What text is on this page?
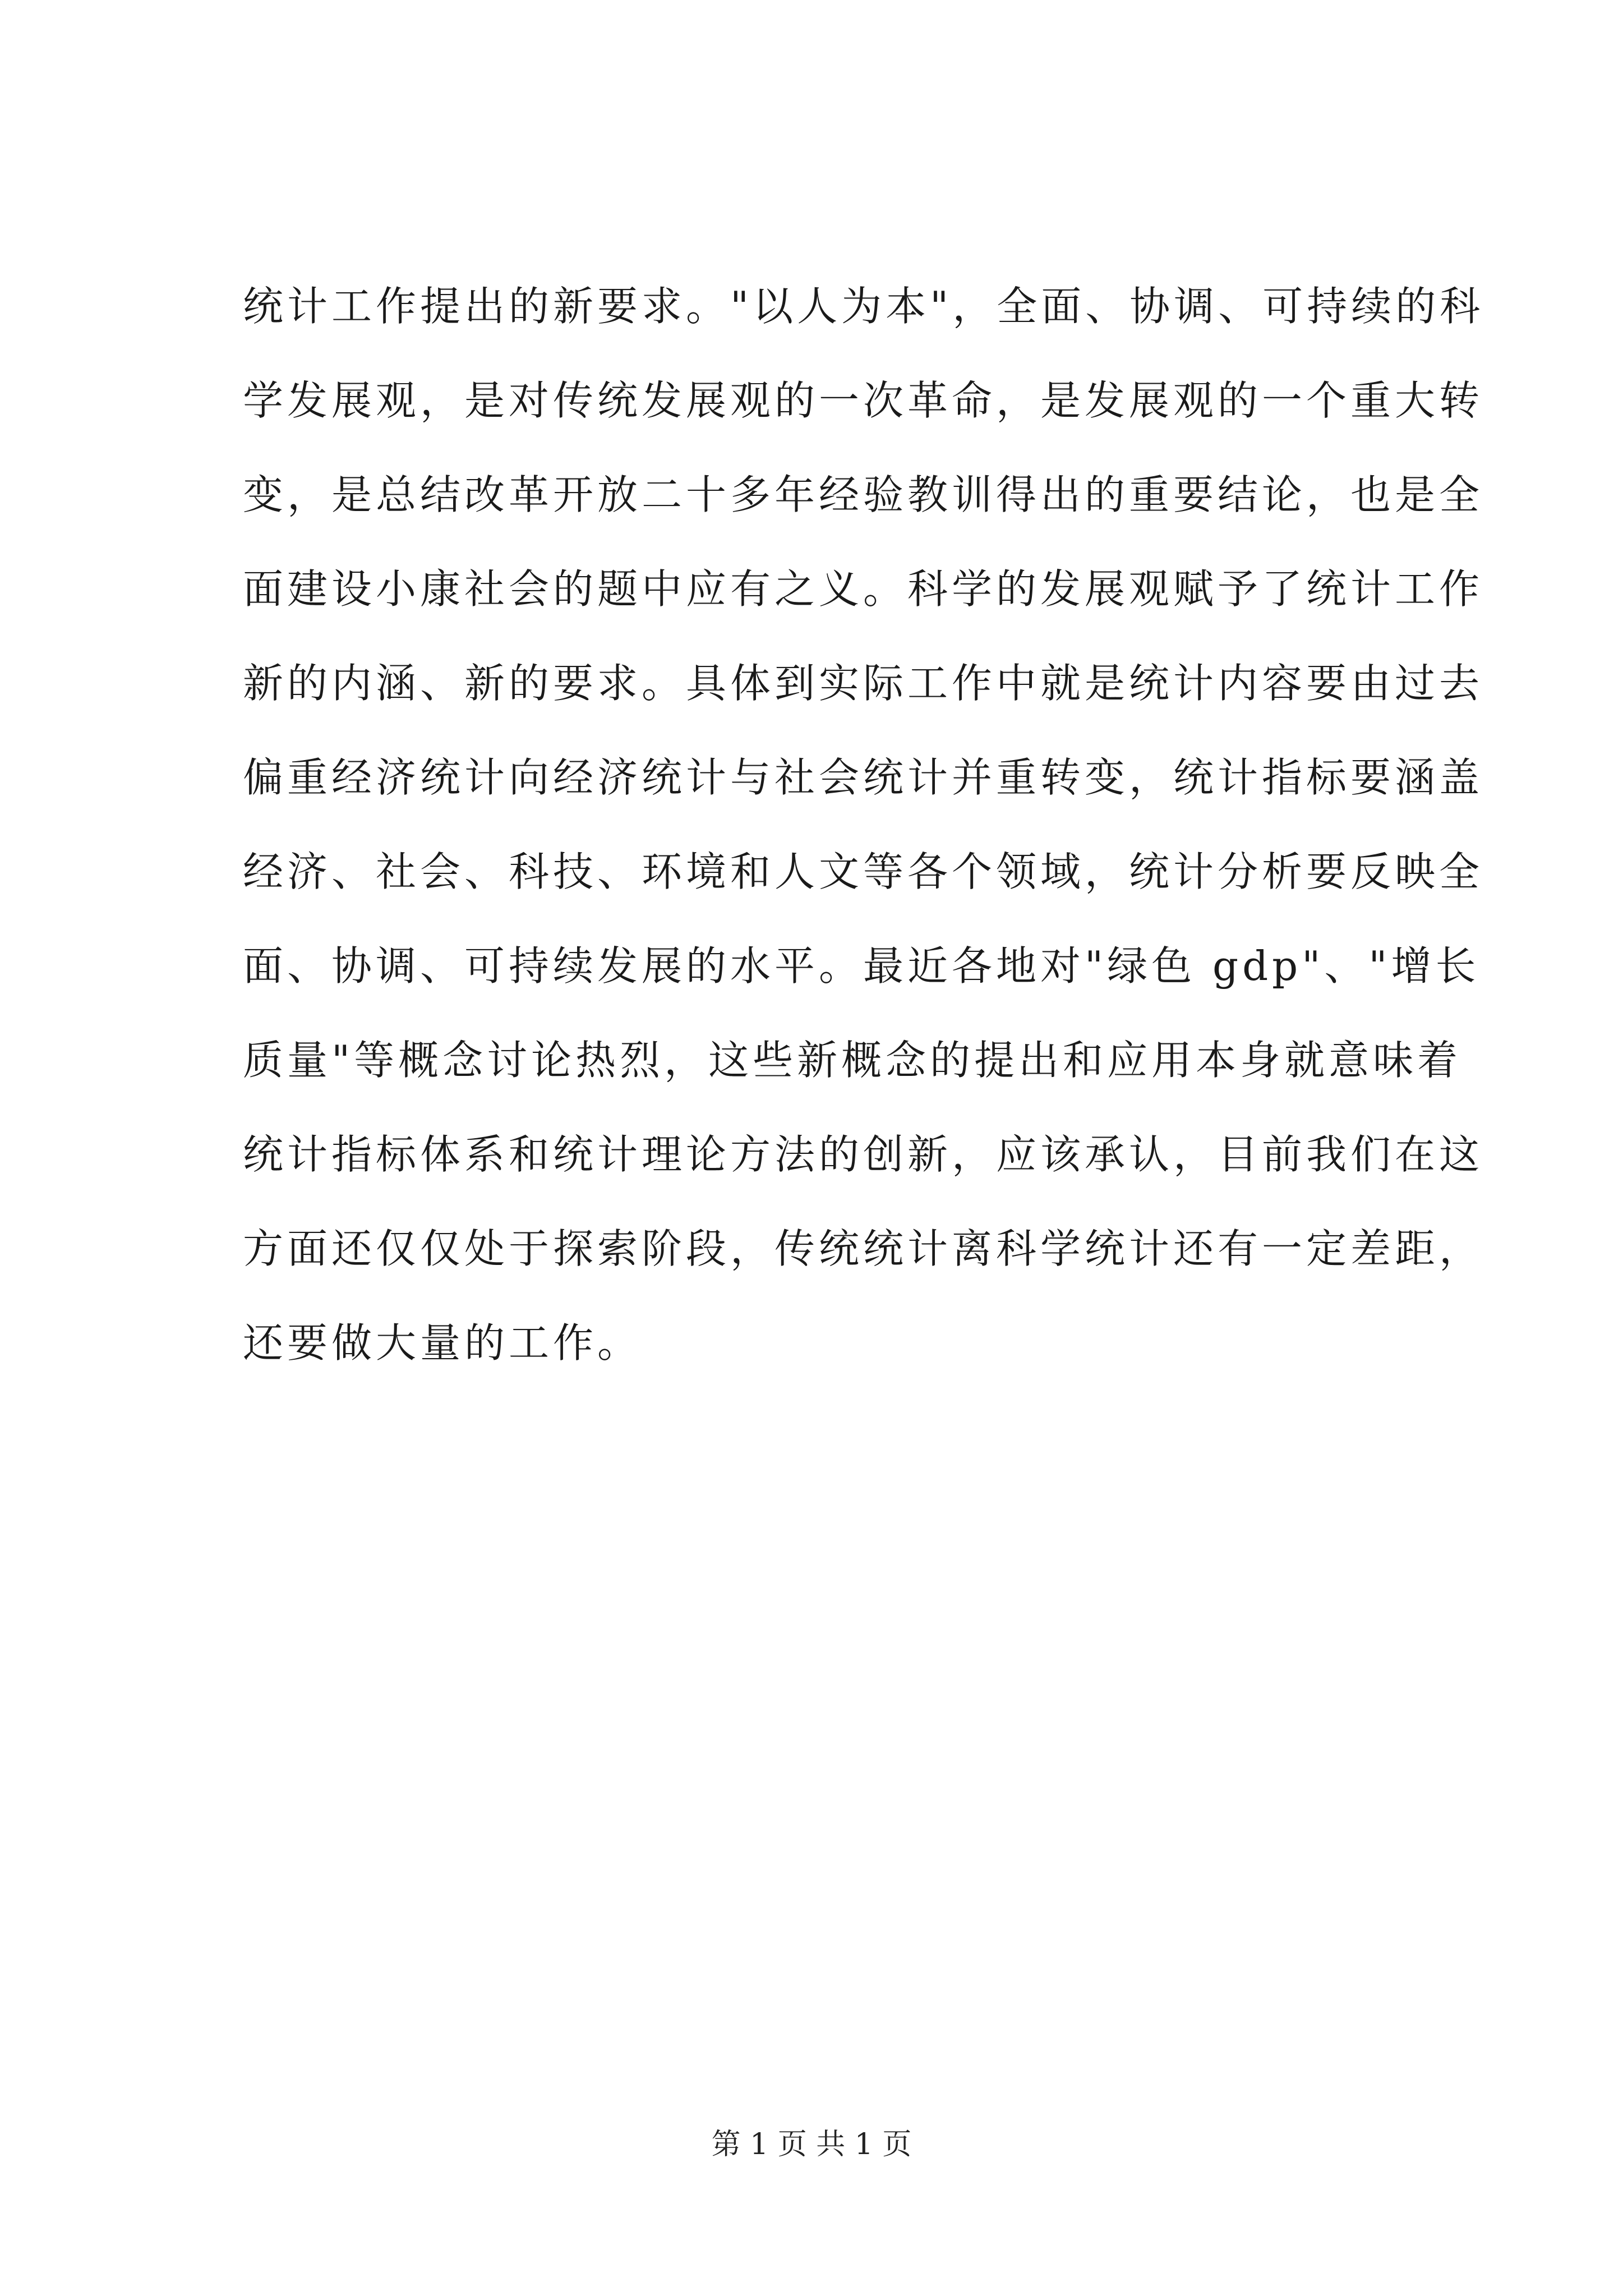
统计工作提出的新要求。"以人为本"，全面、协调、可持续的科
学发展观，是对传统发展观的一次革命，是发展观的一个重大转
变，是总结改革开放二十多年经验教训得出的重要结论，也是全
面建设小康社会的题中应有之义。科学的发展观赋予了统计工作
新的内涵、新的要求。具体到实际工作中就是统计内容要由过去
偏重经济统计向经济统计与社会统计并重转变，统计指标要涵盖
经济、社会、科技、环境和人文等各个领域，统计分析要反映全
面、协调、可持续发展的水平。最近各地对"绿色 gdp"、"增长
质量"等概念讨论热烈，这些新概念的提出和应用本身就意味着
统计指标体系和统计理论方法的创新，应该承认，目前我们在这
方面还仅仅处于探索阶段，传统统计离科学统计还有一定差距，
还要做大量的工作。
第 1 页 共 1 页
